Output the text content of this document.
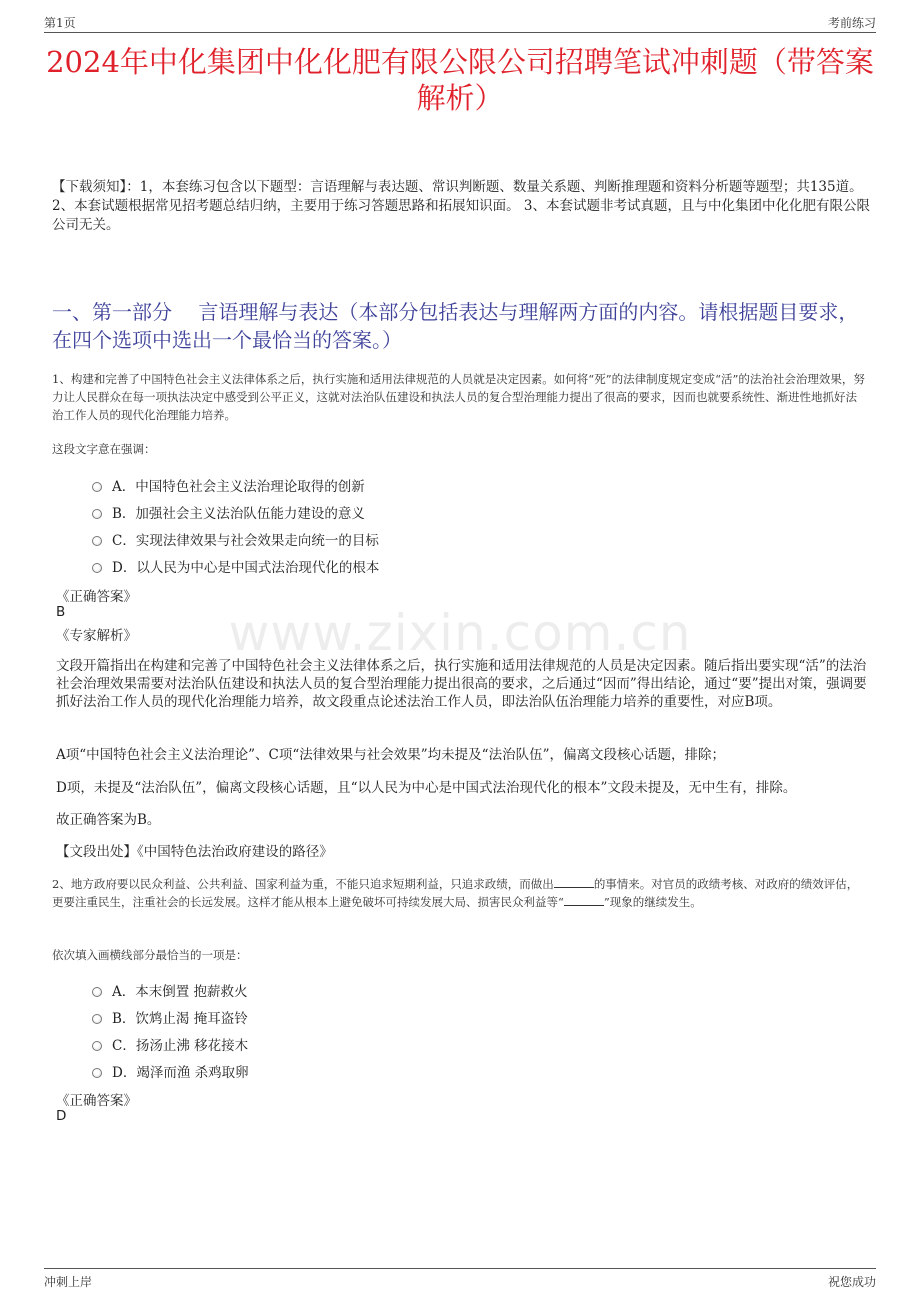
第1页	考前练习
2024年中化集团中化化肥有限公限公司招聘笔试冲刺题（带答案解析）
【下载须知】：1，本套练习包含以下题型：言语理解与表达题、常识判断题、数量关系题、判断推理题和资料分析题等题型；共135道。 2、本套试题根据常见招考题总结归纳，主要用于练习答题思路和拓展知识面。 3、本套试题非考试真题，且与中化集团中化化肥有限公限公司无关。
一、第一部分　 言语理解与表达（本部分包括表达与理解两方面的内容。请根据题目要求，在四个选项中选出一个最恰当的答案。）
www.zixin.com.cn
1、构建和完善了中国特色社会主义法律体系之后，执行实施和适用法律规范的人员就是决定因素。如何将“死”的法律制度规定变成“活”的法治社会治理效果，努力让人民群众在每一项执法决定中感受到公平正义，这就对法治队伍建设和执法人员的复合型治理能力提出了很高的要求，因而也就要系统性、渐进性地抓好法治工作人员的现代化治理能力培养。
这段文字意在强调：
A．中国特色社会主义法治理论取得的创新
B．加强社会主义法治队伍能力建设的意义
C．实现法律效果与社会效果走向统一的目标
D．以人民为中心是中国式法治现代化的根本
《正确答案》
B
《专家解析》
文段开篇指出在构建和完善了中国特色社会主义法律体系之后，执行实施和适用法律规范的人员是决定因素。随后指出要实现“活”的法治社会治理效果需要对法治队伍建设和执法人员的复合型治理能力提出很高的要求，之后通过“因而”得出结论，通过“要”提出对策，强调要抓好法治工作人员的现代化治理能力培养，故文段重点论述法治工作人员，即法治队伍治理能力培养的重要性，对应B项。
A项“中国特色社会主义法治理论”、C项“法律效果与社会效果”均未提及“法治队伍”，偏离文段核心话题，排除；
D项，未提及“法治队伍”，偏离文段核心话题，且“以人民为中心是中国式法治现代化的根本”文段未提及，无中生有，排除。
故正确答案为B。
【文段出处】《中国特色法治政府建设的路径》
2、地方政府要以民众利益、公共利益、国家利益为重，不能只追求短期利益，只追求政绩，而做出	的事情来。对官员的政绩考核、对政府的绩效评估，更要注重民生，注重社会的长远发展。这样才能从根本上避免破坏可持续发展大局、损害民众利益等“	”现象的继续发生。
依次填入画横线部分最恰当的一项是：
A．本末倒置 抱薪救火
B．饮鸩止渴 掩耳盗铃
C．扬汤止沸 移花接木
D．竭泽而渔 杀鸡取卵
《正确答案》
D
冲刺上岸	祝您成功
